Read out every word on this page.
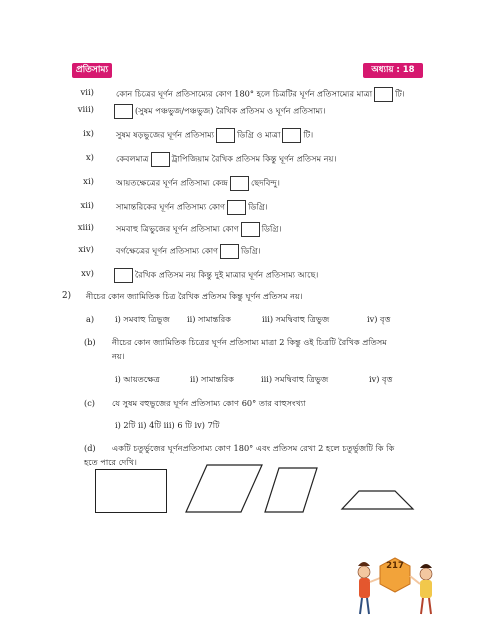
প্রতিসাম্য	অধ্যায় : 18
vii)	কোন চিত্রের ঘূর্ণন প্রতিসাম্যের কোণ 180° হলে চিত্রটির ঘূর্ণন প্রতিসাম্যের মাত্রা	টি।
viii)	(সুষম পঞ্চভুজ/পঞ্চভুজ) রৈখিক প্রতিসম ও ঘূর্ণন প্রতিসাম্য।
ix)	সুষম ষড়ভুজের ঘূর্ণন প্রতিসাম্য	ডিগ্রি ও মাত্রা	টি।
x)	কেবলমাত্র	ট্রাপিজিয়াম রৈখিক প্রতিসম কিন্তু ঘূর্ণন প্রতিসম নয়।
xi)	আয়তক্ষেত্রের ঘূর্ণন প্রতিসাম্য কেন্দ্র	ছেদবিন্দু।
xii)	সামান্তরিকের ঘূর্ণন প্রতিসাম্য কোণ	ডিগ্রি।
xiii)	সমবাহু ত্রিভুজের ঘূর্ণন প্রতিসাম্য কোণ	ডিগ্রি।
xiv)	বর্গক্ষেত্রের ঘূর্ণন প্রতিসাম্য কোণ	ডিগ্রি।
xv)	রৈখিক প্রতিসম নয় কিন্তু দুই মাত্রার ঘূর্ণন প্রতিসাম্য আছে।
2) নীচের কোন জ্যামিতিক চিত্র রৈখিক প্রতিসম কিন্তু ঘূর্ণন প্রতিসম নয়।
a)	i) সমবাহু ত্রিভুজ ii) সামান্তরিক	iii) সমদ্বিবাহু ত্রিভুজ	iv) বৃত্ত
(b) নীচের কোন জ্যামিতিক চিত্রের ঘূর্ণন প্রতিসাম্য মাত্রা 2 কিন্তু ওই চিত্রটি রৈখিক প্রতিসম
নয়।
i) আয়তক্ষেত্র	ii) সামান্তরিক	iii) সমদ্বিবাহু ত্রিভুজ	iv) বৃত্ত
(c) যে সুষম বহুভুজের ঘূর্ণন প্রতিসাম্য কোণ 60° তার বাহুসংখ্যা
i) 2টি ii) 4টি iii) 6 টি iv) 7টি
(d) একটি চতুর্ভুজের ঘূর্ণনপ্রতিসাম্য কোণ 180° এবং প্রতিসম রেখা 2 হলে চতুর্ভুজটি কি কি
হতে পারে দেখি।
217
